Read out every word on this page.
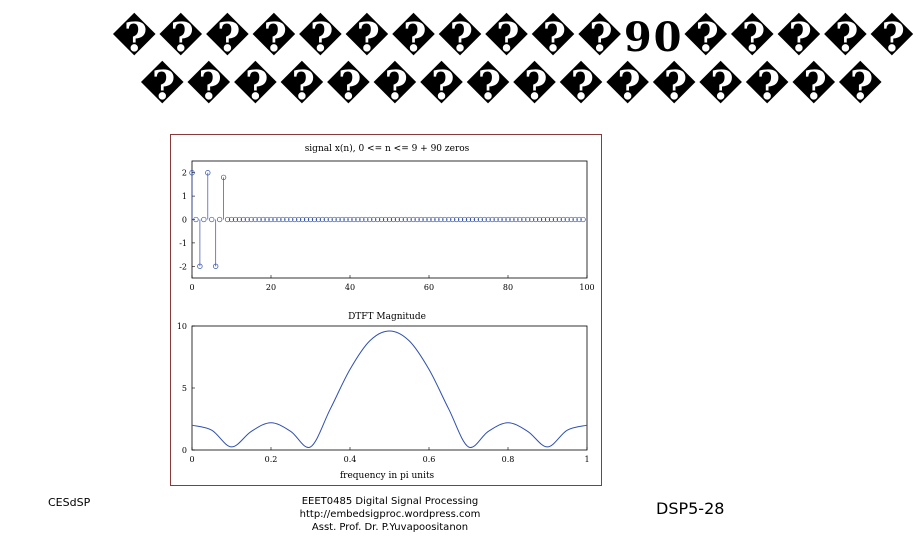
�����������90�����
����������������
signal x(n), 0 <= n <= 9 + 90 zeros
0	20	40	60	80	100
-2
-1
0
1
2
DTFT Magnitude
0	0.2	0.4	0.6	0.8	1
0
5
10
frequency in pi units
CESdSP	EEET0485 Digital Signal Processing
http://embedsigproc.wordpress.com
Asst. Prof. Dr. P.Yuvapoositanon
DSP5-28
